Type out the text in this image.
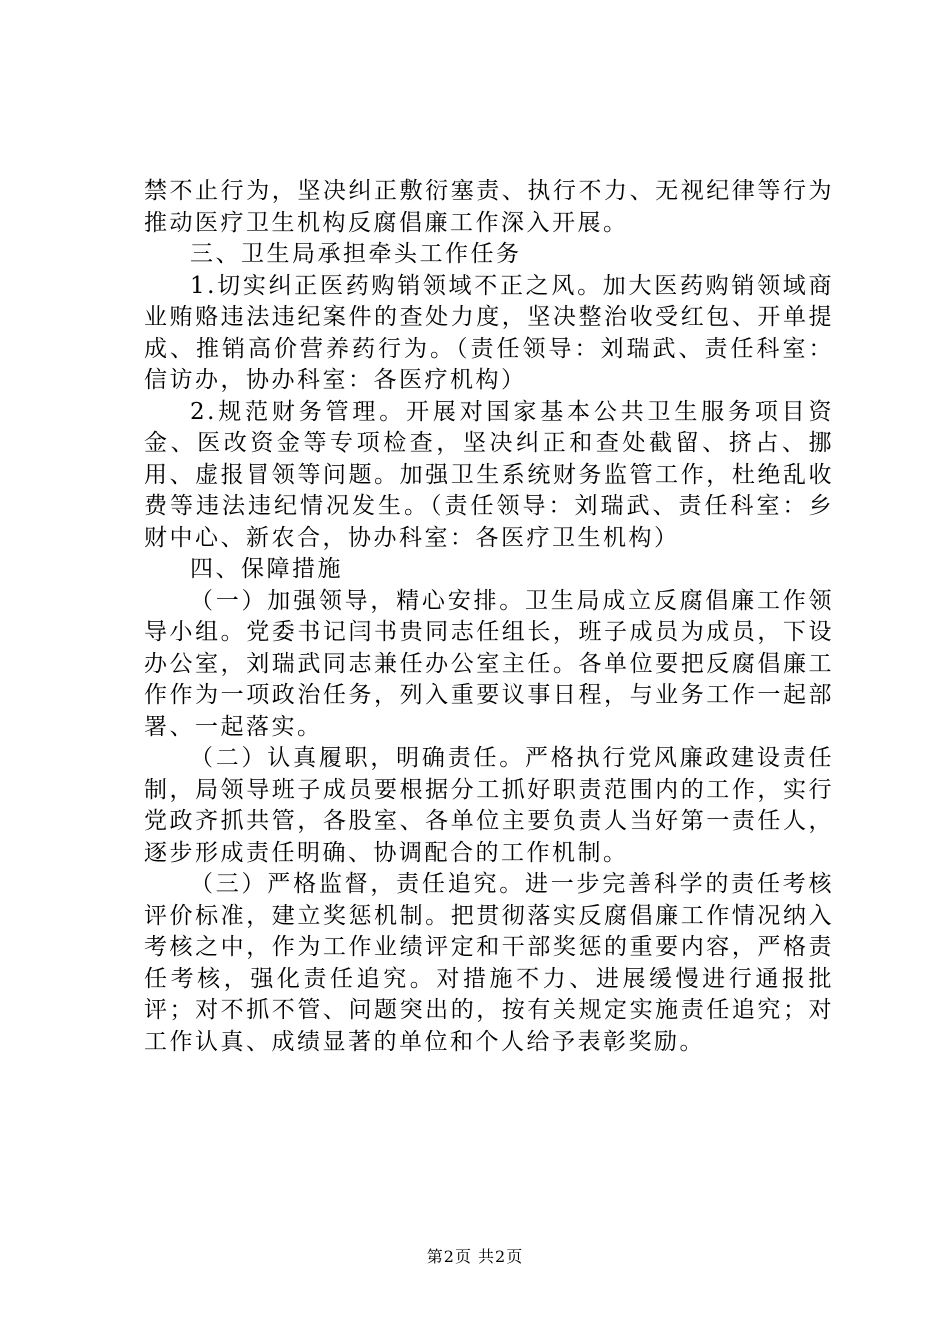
禁不止行为，坚决纠正敷衍塞责、执行不力、无视纪律等行为推动医疗卫生机构反腐倡廉工作深入开展。

三、卫生局承担牵头工作任务

1.切实纠正医药购销领域不正之风。加大医药购销领域商业贿赂违法违纪案件的查处力度，坚决整治收受红包、开单提成、推销高价营养药行为。（责任领导：刘瑞武、责任科室：信访办，协办科室：各医疗机构）

2.规范财务管理。开展对国家基本公共卫生服务项目资金、医改资金等专项检查，坚决纠正和查处截留、挤占、挪用、虚报冒领等问题。加强卫生系统财务监管工作，杜绝乱收费等违法违纪情况发生。（责任领导：刘瑞武、责任科室：乡财中心、新农合，协办科室：各医疗卫生机构）

四、保障措施

（一）加强领导，精心安排。卫生局成立反腐倡廉工作领导小组。党委书记闫书贵同志任组长，班子成员为成员，下设办公室，刘瑞武同志兼任办公室主任。各单位要把反腐倡廉工作作为一项政治任务，列入重要议事日程，与业务工作一起部署、一起落实。

（二）认真履职，明确责任。严格执行党风廉政建设责任制，局领导班子成员要根据分工抓好职责范围内的工作，实行党政齐抓共管，各股室、各单位主要负责人当好第一责任人，逐步形成责任明确、协调配合的工作机制。

（三）严格监督，责任追究。进一步完善科学的责任考核评价标准，建立奖惩机制。把贯彻落实反腐倡廉工作情况纳入考核之中，作为工作业绩评定和干部奖惩的重要内容，严格责任考核，强化责任追究。对措施不力、进展缓慢进行通报批评；对不抓不管、问题突出的，按有关规定实施责任追究；对工作认真、成绩显著的单位和个人给予表彰奖励。

第2页 共2页
